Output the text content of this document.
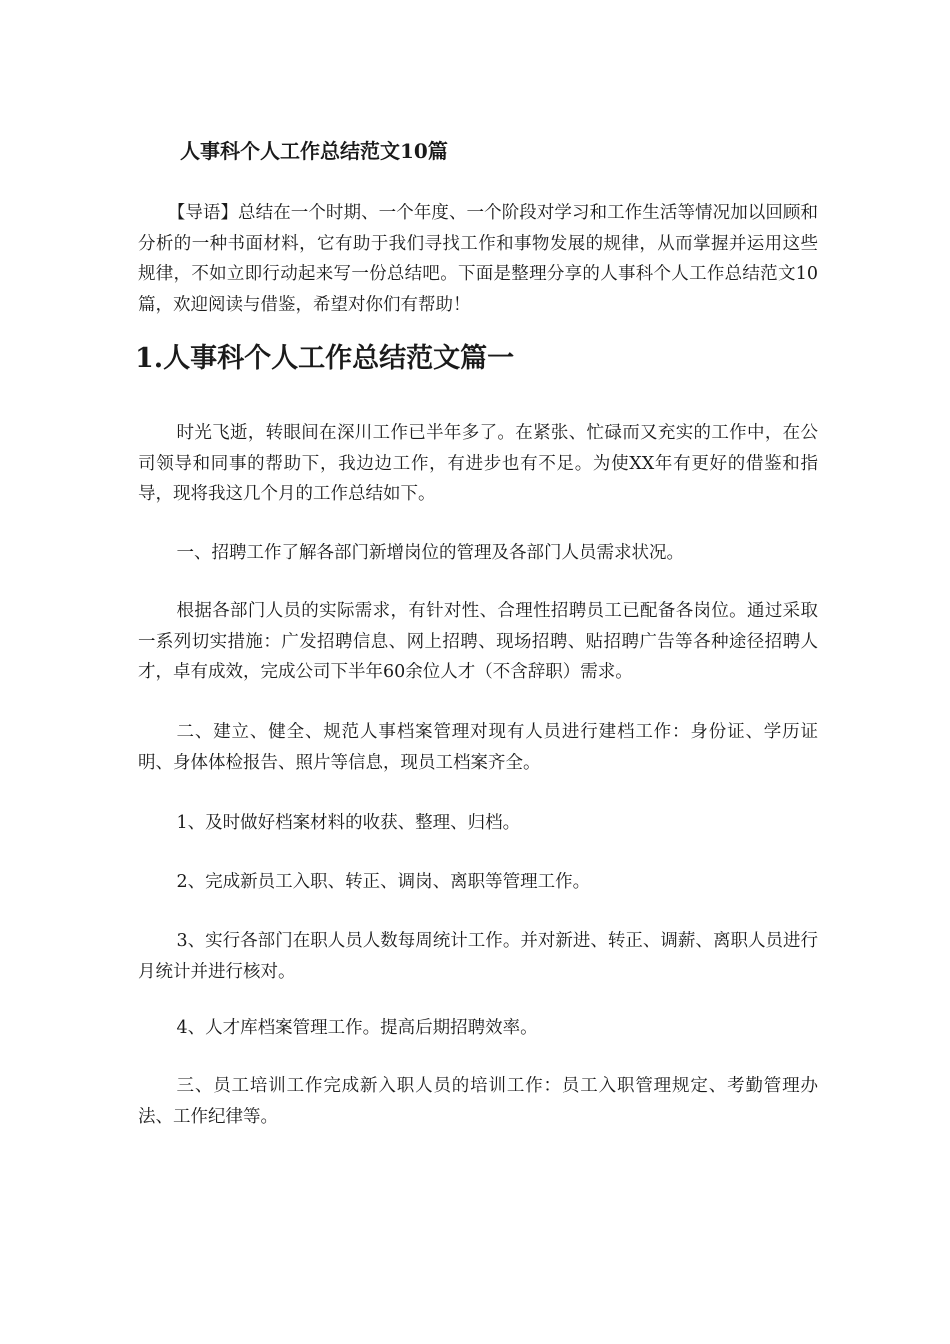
人事科个人工作总结范文10篇

【导语】总结在一个时期、一个年度、一个阶段对学习和工作生活等情况加以回顾和分析的一种书面材料，它有助于我们寻找工作和事物发展的规律，从而掌握并运用这些规律，不如立即行动起来写一份总结吧。下面是整理分享的人事科个人工作总结范文10篇，欢迎阅读与借鉴，希望对你们有帮助！

1.人事科个人工作总结范文篇一

时光飞逝，转眼间在深川工作已半年多了。在紧张、忙碌而又充实的工作中，在公司领导和同事的帮助下，我边边工作，有进步也有不足。为使XX年有更好的借鉴和指导，现将我这几个月的工作总结如下。

一、招聘工作了解各部门新增岗位的管理及各部门人员需求状况。

根据各部门人员的实际需求，有针对性、合理性招聘员工已配备各岗位。通过采取一系列切实措施：广发招聘信息、网上招聘、现场招聘、贴招聘广告等各种途径招聘人才，卓有成效，完成公司下半年60余位人才（不含辞职）需求。

二、建立、健全、规范人事档案管理对现有人员进行建档工作：身份证、学历证明、身体体检报告、照片等信息，现员工档案齐全。

1、及时做好档案材料的收获、整理、归档。

2、完成新员工入职、转正、调岗、离职等管理工作。

3、实行各部门在职人员人数每周统计工作。并对新进、转正、调薪、离职人员进行月统计并进行核对。

4、人才库档案管理工作。提高后期招聘效率。

三、员工培训工作完成新入职人员的培训工作：员工入职管理规定、考勤管理办法、工作纪律等。
